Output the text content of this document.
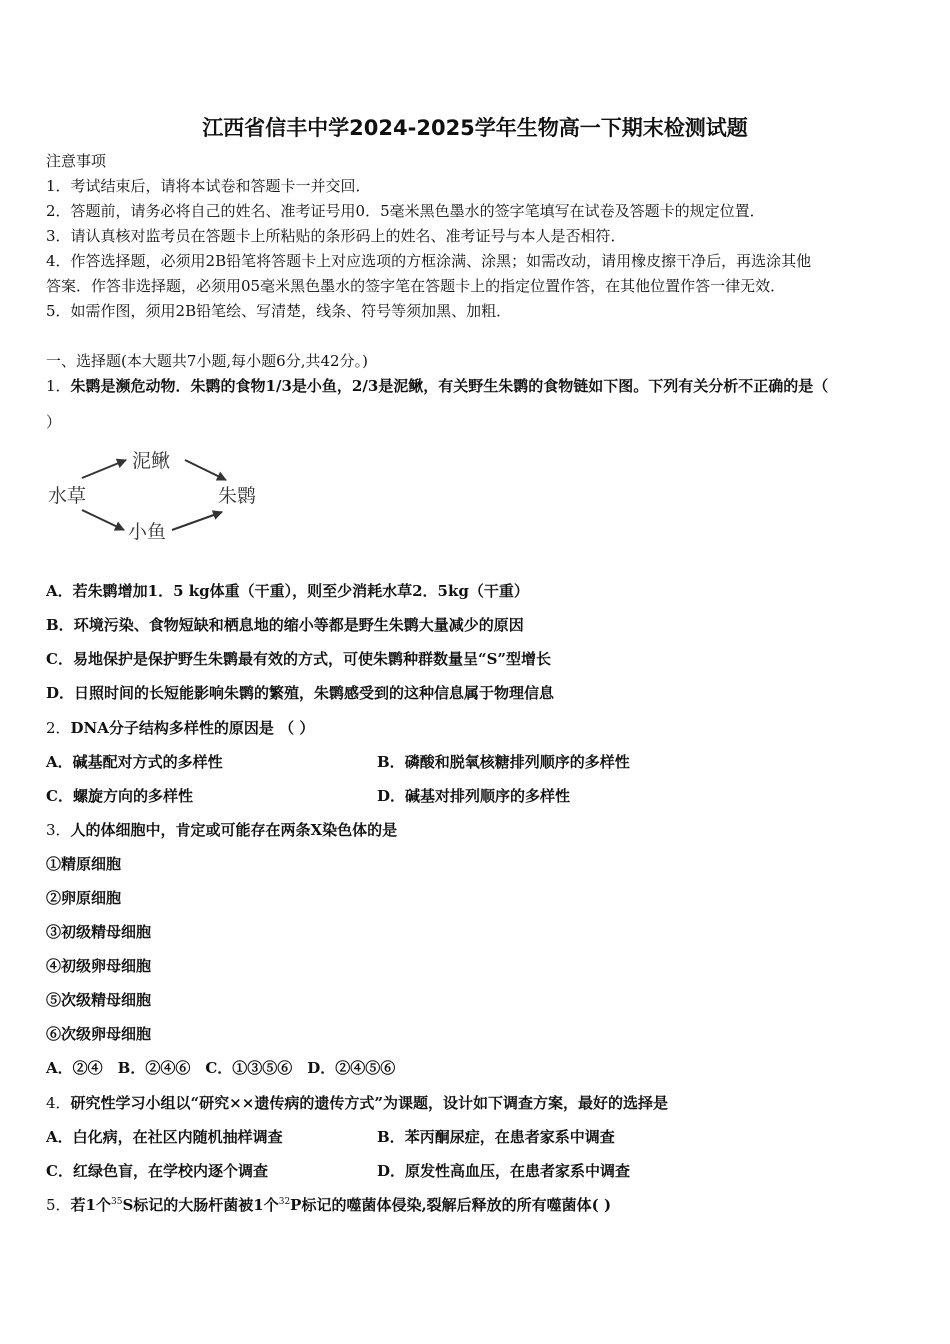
江西省信丰中学2024-2025学年生物高一下期末检测试题
注意事项
1．考试结束后，请将本试卷和答题卡一并交回．
2．答题前，请务必将自己的姓名、准考证号用0．5毫米黑色墨水的签字笔填写在试卷及答题卡的规定位置．
3．请认真核对监考员在答题卡上所粘贴的条形码上的姓名、准考证号与本人是否相符．
4．作答选择题，必须用2B铅笔将答题卡上对应选项的方框涂满、涂黑；如需改动，请用橡皮擦干净后，再选涂其他
答案．作答非选择题，必须用05毫米黑色墨水的签字笔在答题卡上的指定位置作答，在其他位置作答一律无效．
5．如需作图，须用2B铅笔绘、写清楚，线条、符号等须加黑、加粗．
一、选择题(本大题共7小题,每小题6分,共42分。)
1．朱鹮是濒危动物．朱鹮的食物1/3是小鱼，2/3是泥鳅，有关野生朱鹮的食物链如下图。下列有关分析不正确的是（
）
水草
泥鳅
小鱼
朱鹮
A．若朱鹮增加1．5 kg体重（干重），则至少消耗水草2．5kg（干重）
B．环境污染、食物短缺和栖息地的缩小等都是野生朱鹮大量减少的原因
C．易地保护是保护野生朱鹮最有效的方式，可使朱鹮种群数量呈“S”型增长
D．日照时间的长短能影响朱鹮的繁殖，朱鹮感受到的这种信息属于物理信息
2．DNA分子结构多样性的原因是 （ ）
A．碱基配对方式的多样性	B．磷酸和脱氧核糖排列顺序的多样性
C．螺旋方向的多样性	D．碱基对排列顺序的多样性
3．人的体细胞中，肯定或可能存在两条X染色体的是
①精原细胞
②卵原细胞
③初级精母细胞
④初级卵母细胞
⑤次级精母细胞
⑥次级卵母细胞
A．②④　B．②④⑥　C．①③⑤⑥　D．②④⑤⑥
4．研究性学习小组以“研究××遗传病的遗传方式”为课题，设计如下调查方案，最好的选择是
A．白化病，在社区内随机抽样调查	B．苯丙酮尿症，在患者家系中调查
C．红绿色盲，在学校内逐个调查	D．原发性高血压，在患者家系中调查
5．若1个$^{35}$S标记的大肠杆菌被1个$^{32}$P标记的噬菌体侵染,裂解后释放的所有噬菌体( )
